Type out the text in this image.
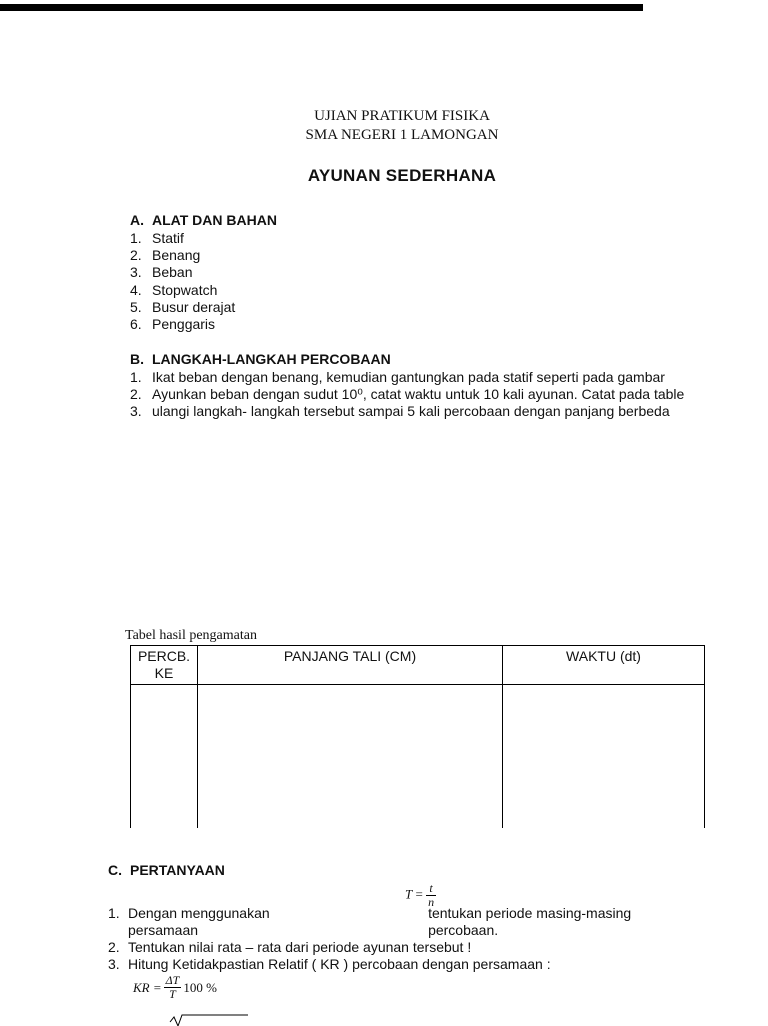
UJIAN PRATIKUM FISIKA
SMA NEGERI 1 LAMONGAN
AYUNAN SEDERHANA
A. ALAT DAN BAHAN
1. Statif
2. Benang
3. Beban
4. Stopwatch
5. Busur derajat
6. Penggaris
B. LANGKAH-LANGKAH PERCOBAAN
1. Ikat beban dengan benang, kemudian gantungkan pada statif seperti pada gambar
2. Ayunkan beban dengan sudut 10⁰, catat waktu untuk 10 kali ayunan. Catat pada table
3. ulangi langkah- langkah tersebut sampai 5 kali percobaan dengan panjang berbeda
Tabel hasil pengamatan
PERCB. KE	PANJANG TALI (CM)	WAKTU (dt)

C. PERTANYAAN
$T = \frac{t}{n}$
1. Dengan menggunakan persamaan
tentukan periode masing-masing percobaan.
2. Tentukan nilai rata – rata dari periode ayunan tersebut !
3. Hitung Ketidakpastian Relatif ( KR ) percobaan dengan persamaan :
KR = $\frac{\Delta T}{T} 100$ %
